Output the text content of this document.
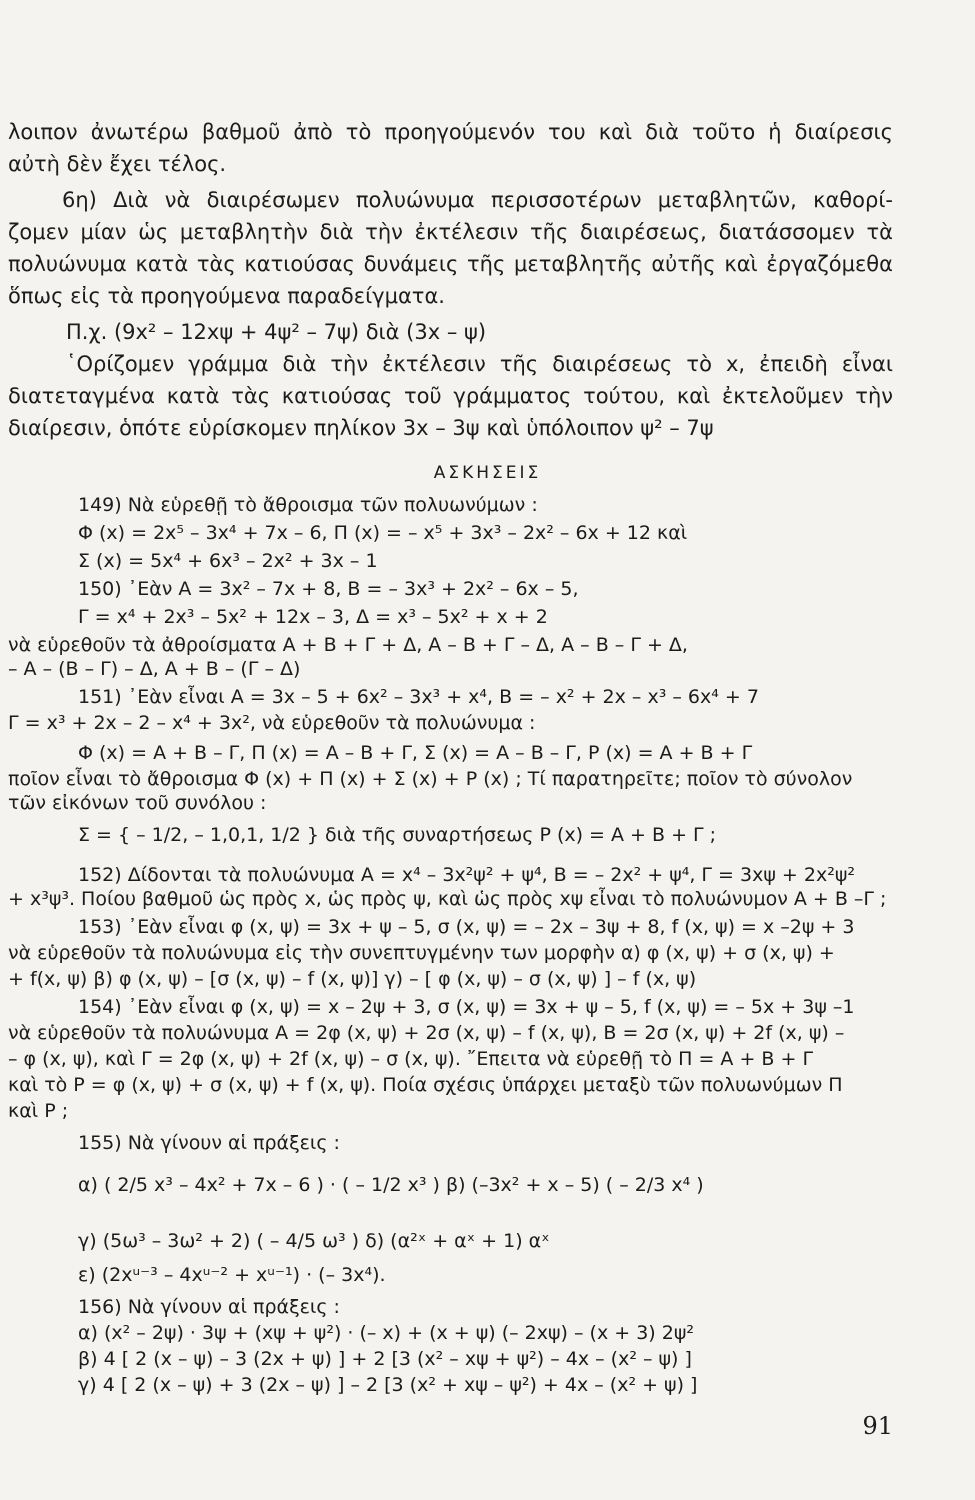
λοιπον ἀνωτέρω βαθμοῦ ἀπὸ τὸ προηγούμενόν του καὶ διὰ τοῦτο ἡ διαίρεσις
αὐτὴ δὲν ἔχει τέλος.
6η) Διὰ νὰ διαιρέσωμεν πολυώνυμα περισσοτέρων μεταβλητῶν, καθορί-
ζομεν μίαν ὡς μεταβλητὴν διὰ τὴν ἐκτέλεσιν τῆς διαιρέσεως, διατάσσομεν τὰ
πολυώνυμα κατὰ τὰς κατιούσας δυνάμεις τῆς μεταβλητῆς αὐτῆς καὶ ἐργαζόμεθα
ὅπως εἰς τὰ προηγούμενα παραδείγματα.
Π.χ. (9x² – 12xψ + 4ψ² – 7ψ) διὰ (3x – ψ)
῾Ορίζομεν γράμμα διὰ τὴν ἐκτέλεσιν τῆς διαιρέσεως τὸ x, ἐπειδὴ εἶναι
διατεταγμένα κατὰ τὰς κατιούσας τοῦ γράμματος τούτου, καὶ ἐκτελοῦμεν τὴν
διαίρεσιν, ὁπότε εὑρίσκομεν πηλίκον 3x – 3ψ καὶ ὑπόλοιπον ψ² – 7ψ
ΑΣΚΗΣΕΙΣ
149) Νὰ εὑρεθῇ τὸ ἄθροισμα τῶν πολυωνύμων :
Φ (x) = 2x⁵ – 3x⁴ + 7x – 6, Π (x) = – x⁵ + 3x³ – 2x² – 6x + 12 καὶ
Σ (x) = 5x⁴ + 6x³ – 2x² + 3x – 1
150) ᾿Εὰν A = 3x² – 7x + 8, B = – 3x³ + 2x² – 6x – 5,
Γ = x⁴ + 2x³ – 5x² + 12x – 3, Δ = x³ – 5x² + x + 2
νὰ εὑρεθοῦν τὰ ἀθροίσματα A + B + Γ + Δ, A – B + Γ – Δ, A – B – Γ + Δ,
– A – (B – Γ) – Δ, A + B – (Γ – Δ)
151) ᾿Εὰν εἶναι A = 3x – 5 + 6x² – 3x³ + x⁴, B = – x² + 2x – x³ – 6x⁴ + 7
Γ = x³ + 2x – 2 – x⁴ + 3x², νὰ εὑρεθοῦν τὰ πολυώνυμα :
Φ (x) = A + B – Γ, Π (x) = A – B + Γ, Σ (x) = A – B – Γ, P (x) = A + B + Γ
ποῖον εἶναι τὸ ἄθροισμα Φ (x) + Π (x) + Σ (x) + P (x) ; Τί παρατηρεῖτε; ποῖον τὸ σύνολον
τῶν εἰκόνων τοῦ συνόλου :
Σ = { – 1/2, – 1,0,1, 1/2 } διὰ τῆς συναρτήσεως P (x) = A + B + Γ ;
152) Δίδονται τὰ πολυώνυμα A = x⁴ – 3x²ψ² + ψ⁴, B = – 2x² + ψ⁴, Γ = 3xψ + 2x²ψ²
+ x³ψ³. Ποίου βαθμοῦ ὡς πρὸς x, ὡς πρὸς ψ, καὶ ὡς πρὸς xψ εἶναι τὸ πολυώνυμον A + B –Γ ;
153) ᾿Εὰν εἶναι φ (x, ψ) = 3x + ψ – 5, σ (x, ψ) = – 2x – 3ψ + 8, f (x, ψ) = x –2ψ + 3
νὰ εὑρεθοῦν τὰ πολυώνυμα εἰς τὴν συνεπτυγμένην των μορφὴν α) φ (x, ψ) + σ (x, ψ) +
+ f(x, ψ) β) φ (x, ψ) – [σ (x, ψ) – f (x, ψ)] γ) – [ φ (x, ψ) – σ (x, ψ) ] – f (x, ψ)
154) ᾿Εὰν εἶναι φ (x, ψ) = x – 2ψ + 3, σ (x, ψ) = 3x + ψ – 5, f (x, ψ) = – 5x + 3ψ –1
νὰ εὑρεθοῦν τὰ πολυώνυμα A = 2φ (x, ψ) + 2σ (x, ψ) – f (x, ψ), B = 2σ (x, ψ) + 2f (x, ψ) –
– φ (x, ψ), καὶ Γ = 2φ (x, ψ) + 2f (x, ψ) – σ (x, ψ). ῎Επειτα νὰ εὑρεθῇ τὸ Π = A + B + Γ
καὶ τὸ P = φ (x, ψ) + σ (x, ψ) + f (x, ψ). Ποία σχέσις ὑπάρχει μεταξὺ τῶν πολυωνύμων Π
καὶ P ;
155) Νὰ γίνουν αἱ πράξεις :
α) ( 2/5 x³ – 4x² + 7x – 6 ) · ( – 1/2 x³ ) β) (–3x² + x – 5) ( – 2/3 x⁴ )
γ) (5ω³ – 3ω² + 2) ( – 4/5 ω³ ) δ) (α²ˣ + αˣ + 1) αˣ
ε) (2xᵘ⁻³ – 4xᵘ⁻² + xᵘ⁻¹) · (– 3x⁴).
156) Νὰ γίνουν αἱ πράξεις :
α) (x² – 2ψ) · 3ψ + (xψ + ψ²) · (– x) + (x + ψ) (– 2xψ) – (x + 3) 2ψ²
β) 4 [ 2 (x – ψ) – 3 (2x + ψ) ] + 2 [3 (x² – xψ + ψ²) – 4x – (x² – ψ) ]
γ) 4 [ 2 (x – ψ) + 3 (2x – ψ) ] – 2 [3 (x² + xψ – ψ²) + 4x – (x² + ψ) ]
91
